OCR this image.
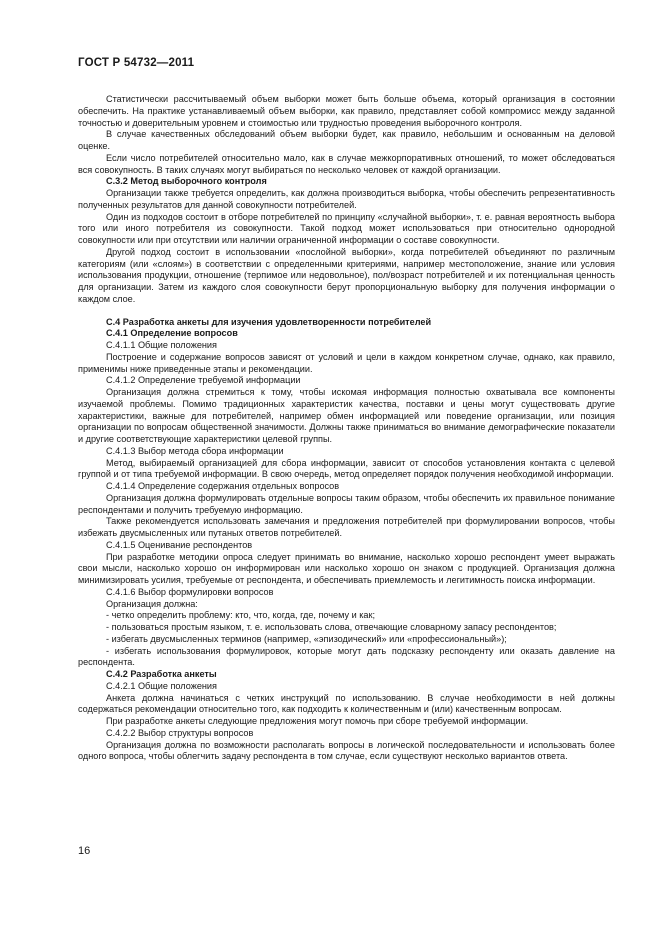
ГОСТ Р 54732—2011

Статистически рассчитываемый объем выборки может быть больше объема, который организация в состоянии обеспечить. На практике устанавливаемый объем выборки, как правило, представляет собой компромисс между заданной точностью и доверительным уровнем и стоимостью или трудностью проведения выборочного контроля.

В случае качественных обследований объем выборки будет, как правило, небольшим и основанным на деловой оценке.

Если число потребителей относительно мало, как в случае межкорпоративных отношений, то может обследоваться вся совокупность. В таких случаях могут выбираться по несколько человек от каждой организации.

С.3.2 Метод выборочного контроля

Организации также требуется определить, как должна производиться выборка, чтобы обеспечить репрезентативность полученных результатов для данной совокупности потребителей.

Один из подходов состоит в отборе потребителей по принципу «случайной выборки», т. е. равная вероятность выбора того или иного потребителя из совокупности. Такой подход может использоваться при относительно однородной совокупности или при отсутствии или наличии ограниченной информации о составе совокупности.

Другой подход состоит в использовании «послойной выборки», когда потребителей объединяют по различным категориям (или «слоям») в соответствии с определенными критериями, например местоположение, знание или условия использования продукции, отношение (терпимое или недовольное), пол/возраст потребителей и их потенциальная ценность для организации. Затем из каждого слоя совокупности берут пропорциональную выборку для получения информации о каждом слое.

С.4 Разработка анкеты для изучения удовлетворенности потребителей

С.4.1 Определение вопросов

С.4.1.1 Общие положения

Построение и содержание вопросов зависят от условий и цели в каждом конкретном случае, однако, как правило, применимы ниже приведенные этапы и рекомендации.

С.4.1.2 Определение требуемой информации

Организация должна стремиться к тому, чтобы искомая информация полностью охватывала все компоненты изучаемой проблемы. Помимо традиционных характеристик качества, поставки и цены могут существовать другие характеристики, важные для потребителей, например обмен информацией или поведение организации, или позиция организации по вопросам общественной значимости. Должны также приниматься во внимание демографические показатели и другие соответствующие характеристики целевой группы.

С.4.1.3 Выбор метода сбора информации

Метод, выбираемый организацией для сбора информации, зависит от способов установления контакта с целевой группой и от типа требуемой информации. В свою очередь, метод определяет порядок получения необходимой информации.

С.4.1.4 Определение содержания отдельных вопросов

Организация должна формулировать отдельные вопросы таким образом, чтобы обеспечить их правильное понимание респондентами и получить требуемую информацию.

Также рекомендуется использовать замечания и предложения потребителей при формулировании вопросов, чтобы избежать двусмысленных или путаных ответов потребителей.

С.4.1.5 Оценивание респондентов

При разработке методики опроса следует принимать во внимание, насколько хорошо респондент умеет выражать свои мысли, насколько хорошо он информирован или насколько хорошо он знаком с продукцией. Организация должна минимизировать усилия, требуемые от респондента, и обеспечивать приемлемость и легитимность поиска информации.

С.4.1.6 Выбор формулировки вопросов

Организация должна:

- четко определить проблему: кто, что, когда, где, почему и как;

- пользоваться простым языком, т. е. использовать слова, отвечающие словарному запасу респондентов;

- избегать двусмысленных терминов (например, «эпизодический» или «профессиональный»);

- избегать использования формулировок, которые могут дать подсказку респонденту или оказать давление на респондента.

С.4.2 Разработка анкеты

С.4.2.1 Общие положения

Анкета должна начинаться с четких инструкций по использованию. В случае необходимости в ней должны содержаться рекомендации относительно того, как подходить к количественным и (или) качественным вопросам.

При разработке анкеты следующие предложения могут помочь при сборе требуемой информации.

С.4.2.2 Выбор структуры вопросов

Организация должна по возможности располагать вопросы в логической последовательности и использовать более одного вопроса, чтобы облегчить задачу респондента в том случае, если существуют несколько вариантов ответа.

16
